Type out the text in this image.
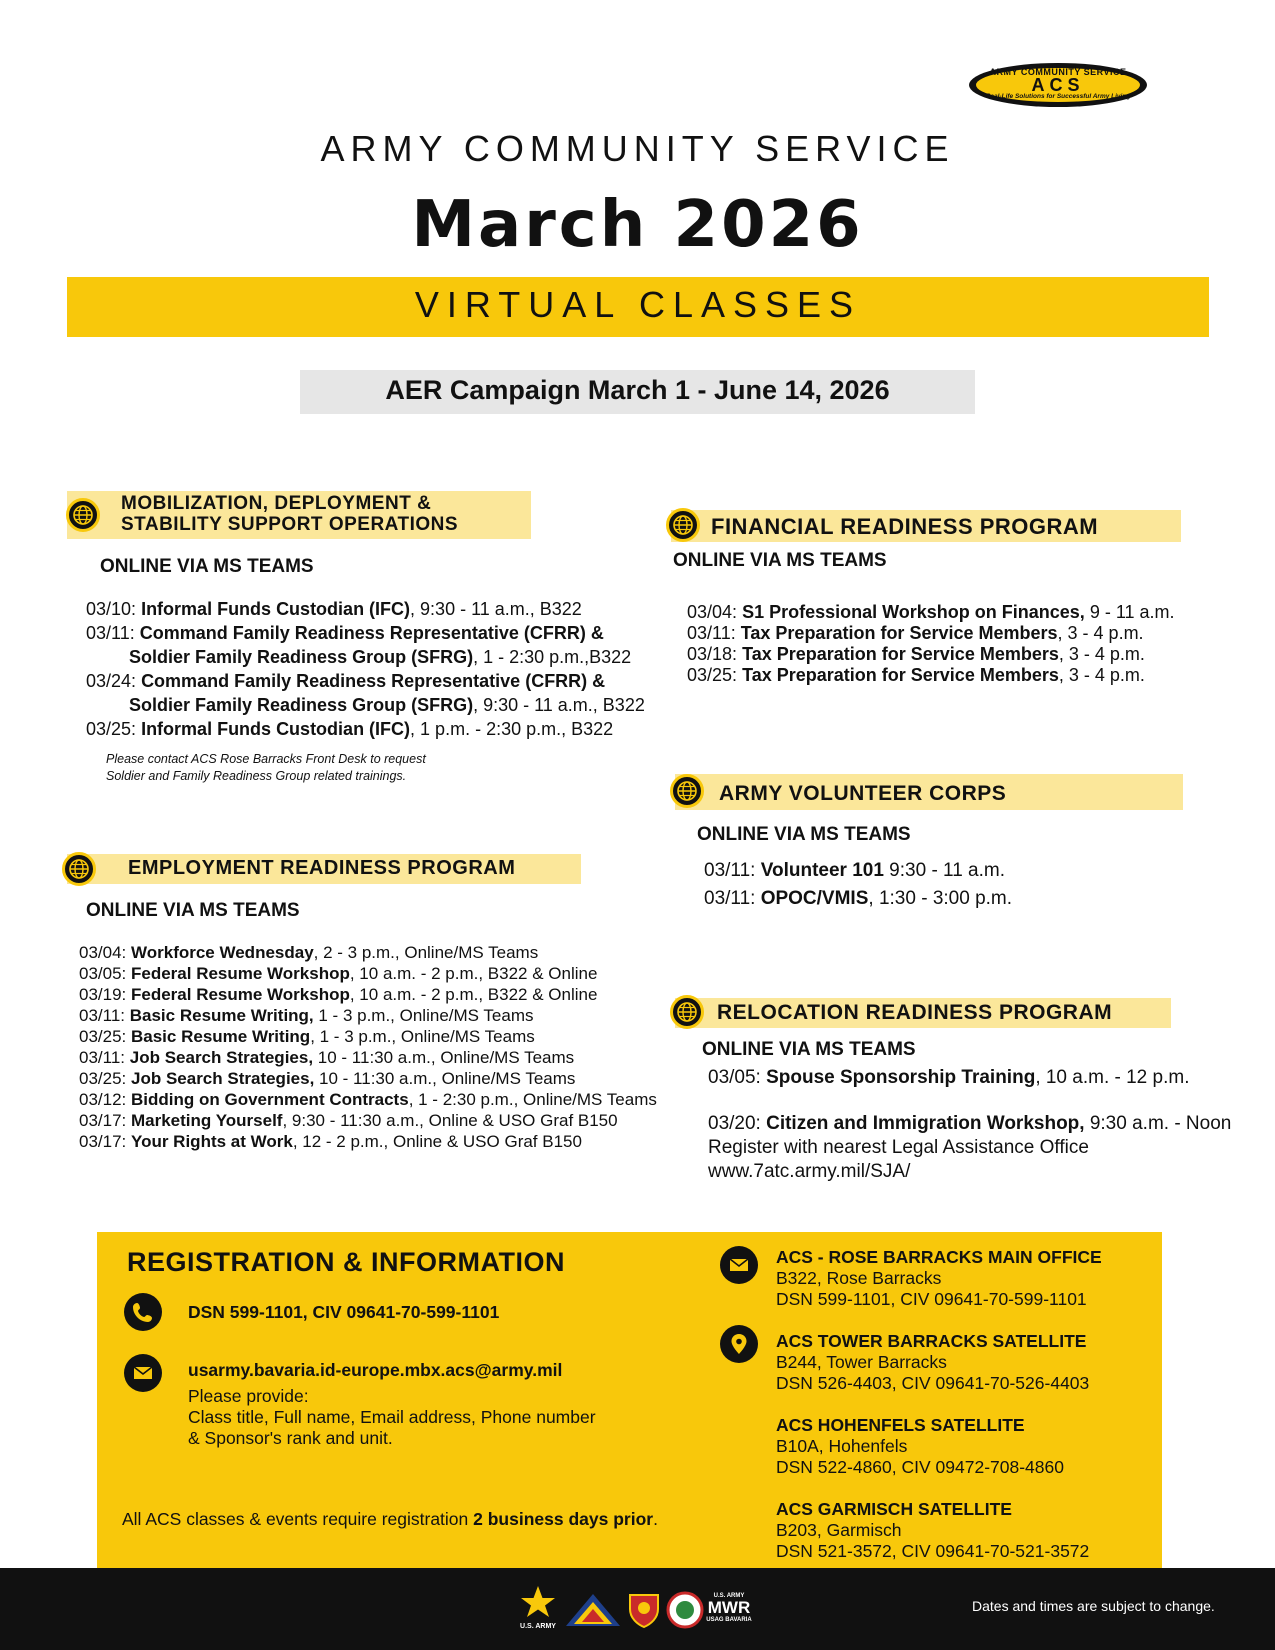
ARMY COMMUNITY SERVICE
ACS
Real-Life Solutions for Successful Army Living
ARMY COMMUNITY SERVICE
March 2026
VIRTUAL CLASSES
AER Campaign March 1 - June 14, 2026
MOBILIZATION, DEPLOYMENT &
STABILITY SUPPORT OPERATIONS
ONLINE VIA MS TEAMS
03/10: Informal Funds Custodian (IFC), 9:30 - 11 a.m., B322
03/11: Command Family Readiness Representative (CFRR) &
Soldier Family Readiness Group (SFRG), 1 - 2:30 p.m.,B322
03/24: Command Family Readiness Representative (CFRR) &
Soldier Family Readiness Group (SFRG), 9:30 - 11 a.m., B322
03/25: Informal Funds Custodian (IFC), 1 p.m. - 2:30 p.m., B322
Please contact ACS Rose Barracks Front Desk to request
Soldier and Family Readiness Group related trainings.
EMPLOYMENT READINESS PROGRAM
ONLINE VIA MS TEAMS
03/04: Workforce Wednesday, 2 - 3 p.m., Online/MS Teams
03/05: Federal Resume Workshop, 10 a.m. - 2 p.m., B322 & Online
03/19: Federal Resume Workshop, 10 a.m. - 2 p.m., B322 & Online
03/11: Basic Resume Writing, 1 - 3 p.m., Online/MS Teams
03/25: Basic Resume Writing, 1 - 3 p.m., Online/MS Teams
03/11: Job Search Strategies, 10 - 11:30 a.m., Online/MS Teams
03/25: Job Search Strategies, 10 - 11:30 a.m., Online/MS Teams
03/12: Bidding on Government Contracts, 1 - 2:30 p.m., Online/MS Teams
03/17: Marketing Yourself, 9:30 - 11:30 a.m., Online & USO Graf B150
03/17: Your Rights at Work, 12 - 2 p.m., Online & USO Graf B150
FINANCIAL READINESS PROGRAM
ONLINE VIA MS TEAMS
03/04: S1 Professional Workshop on Finances, 9 - 11 a.m.
03/11: Tax Preparation for Service Members, 3 - 4 p.m.
03/18: Tax Preparation for Service Members, 3 - 4 p.m.
03/25: Tax Preparation for Service Members, 3 - 4 p.m.
ARMY VOLUNTEER CORPS
ONLINE VIA MS TEAMS
03/11: Volunteer 101 9:30 - 11 a.m.
03/11: OPOC/VMIS, 1:30 - 3:00 p.m.
RELOCATION READINESS PROGRAM
ONLINE VIA MS TEAMS
03/05: Spouse Sponsorship Training, 10 a.m. - 12 p.m.
03/20: Citizen and Immigration Workshop, 9:30 a.m. - Noon
Register with nearest Legal Assistance Office
www.7atc.army.mil/SJA/
REGISTRATION & INFORMATION
DSN 599-1101, CIV 09641-70-599-1101
usarmy.bavaria.id-europe.mbx.acs@army.mil
Please provide:
Class title, Full name, Email address, Phone number
& Sponsor's rank and unit.
All ACS classes & events require registration 2 business days prior.
ACS - ROSE BARRACKS MAIN OFFICE
B322, Rose Barracks
DSN 599-1101, CIV 09641-70-599-1101
ACS TOWER BARRACKS SATELLITE
B244, Tower Barracks
DSN 526-4403, CIV 09641-70-526-4403
ACS HOHENFELS SATELLITE
B10A, Hohenfels
DSN 522-4860, CIV 09472-708-4860
ACS GARMISCH SATELLITE
B203, Garmisch
DSN 521-3572, CIV 09641-70-521-3572
U.S. ARMY
U.S. ARMY
MWR
USAG BAVARIA
Dates and times are subject to change.
